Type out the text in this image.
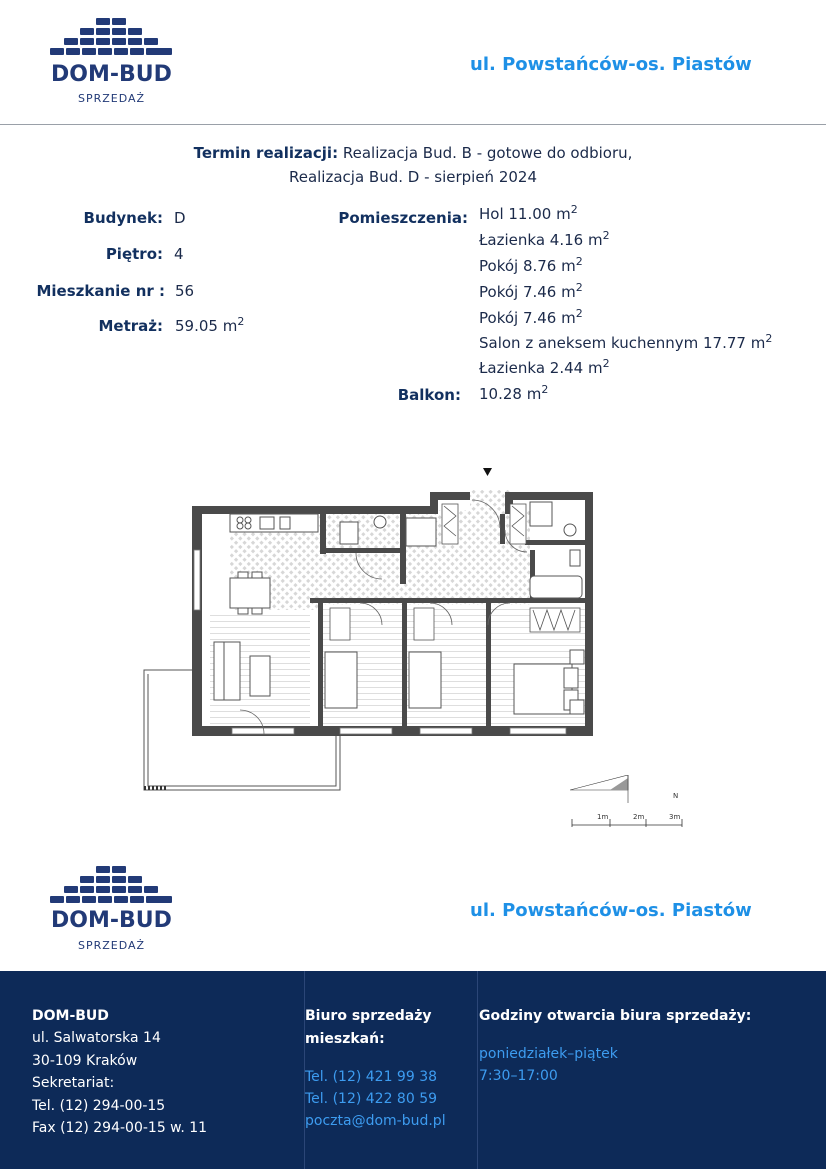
DOM-BUD
SPRZEDAŻ
ul. Powstańców-os. Piastów
Termin realizacji: Realizacja Bud. B - gotowe do odbioru,
Realizacja Bud. D - sierpień 2024
Budynek: D
Piętro: 4
Mieszkanie nr : 56
Metraż: 59.05 $m^2$
Pomieszczenia: Hol 11.00 $m^2$
Łazienka 4.16 $m^2$
Pokój 8.76 $m^2$
Pokój 7.46 $m^2$
Pokój 7.46 $m^2$
Salon z aneksem kuchennym 17.77 $m^2$
Łazienka 2.44 $m^2$
Balkon: 10.28 $m^2$
N
1m	2m	3m
DOM-BUD
SPRZEDAŻ
ul. Powstańców-os. Piastów
DOM-BUD
ul. Salwatorska 14
30-109 Kraków
Sekretariat:
Tel. (12) 294-00-15
Fax (12) 294-00-15 w. 11
Biuro sprzedaży
mieszkań:
Tel. (12) 421 99 38
Tel. (12) 422 80 59
poczta@dom-bud.pl
Godziny otwarcia biura sprzedaży:
poniedziałek–piątek
7:30–17:00
